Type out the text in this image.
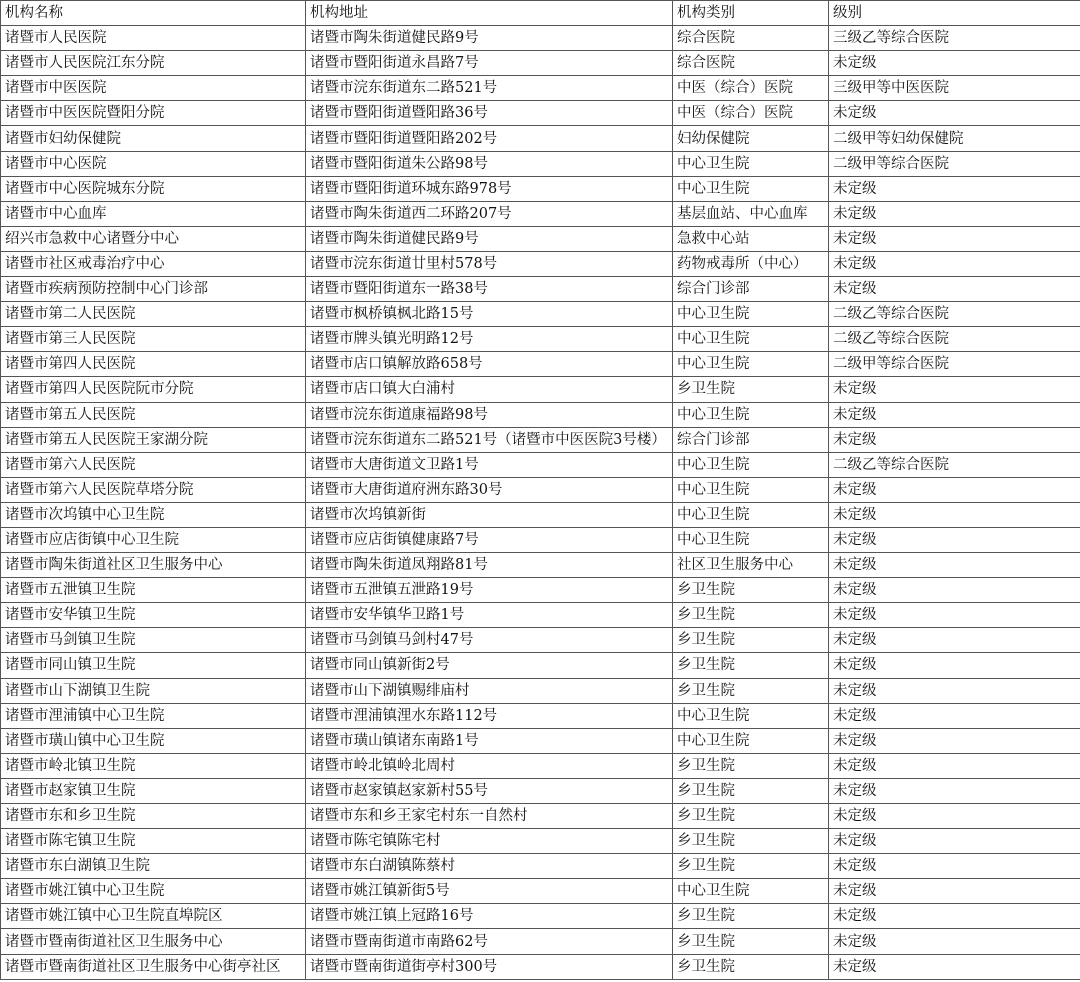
机构名称	机构地址	机构类别	级别
诸暨市人民医院	诸暨市陶朱街道健民路9号	综合医院	三级乙等综合医院
诸暨市人民医院江东分院	诸暨市暨阳街道永昌路7号	综合医院	未定级
诸暨市中医医院	诸暨市浣东街道东二路521号	中医（综合）医院	三级甲等中医医院
诸暨市中医医院暨阳分院	诸暨市暨阳街道暨阳路36号	中医（综合）医院	未定级
诸暨市妇幼保健院	诸暨市暨阳街道暨阳路202号	妇幼保健院	二级甲等妇幼保健院
诸暨市中心医院	诸暨市暨阳街道朱公路98号	中心卫生院	二级甲等综合医院
诸暨市中心医院城东分院	诸暨市暨阳街道环城东路978号	中心卫生院	未定级
诸暨市中心血库	诸暨市陶朱街道西二环路207号	基层血站、中心血库	未定级
绍兴市急救中心诸暨分中心	诸暨市陶朱街道健民路9号	急救中心站	未定级
诸暨市社区戒毒治疗中心	诸暨市浣东街道廿里村578号	药物戒毒所（中心）	未定级
诸暨市疾病预防控制中心门诊部	诸暨市暨阳街道东一路38号	综合门诊部	未定级
诸暨市第二人民医院	诸暨市枫桥镇枫北路15号	中心卫生院	二级乙等综合医院
诸暨市第三人民医院	诸暨市牌头镇光明路12号	中心卫生院	二级乙等综合医院
诸暨市第四人民医院	诸暨市店口镇解放路658号	中心卫生院	二级甲等综合医院
诸暨市第四人民医院阮市分院	诸暨市店口镇大白浦村	乡卫生院	未定级
诸暨市第五人民医院	诸暨市浣东街道康福路98号	中心卫生院	未定级
诸暨市第五人民医院王家湖分院	诸暨市浣东街道东二路521号（诸暨市中医医院3号楼）	综合门诊部	未定级
诸暨市第六人民医院	诸暨市大唐街道文卫路1号	中心卫生院	二级乙等综合医院
诸暨市第六人民医院草塔分院	诸暨市大唐街道府洲东路30号	中心卫生院	未定级
诸暨市次坞镇中心卫生院	诸暨市次坞镇新街	中心卫生院	未定级
诸暨市应店街镇中心卫生院	诸暨市应店街镇健康路7号	中心卫生院	未定级
诸暨市陶朱街道社区卫生服务中心	诸暨市陶朱街道凤翔路81号	社区卫生服务中心	未定级
诸暨市五泄镇卫生院	诸暨市五泄镇五泄路19号	乡卫生院	未定级
诸暨市安华镇卫生院	诸暨市安华镇华卫路1号	乡卫生院	未定级
诸暨市马剑镇卫生院	诸暨市马剑镇马剑村47号	乡卫生院	未定级
诸暨市同山镇卫生院	诸暨市同山镇新街2号	乡卫生院	未定级
诸暨市山下湖镇卫生院	诸暨市山下湖镇赐绯庙村	乡卫生院	未定级
诸暨市浬浦镇中心卫生院	诸暨市浬浦镇浬水东路112号	中心卫生院	未定级
诸暨市璜山镇中心卫生院	诸暨市璜山镇诸东南路1号	中心卫生院	未定级
诸暨市岭北镇卫生院	诸暨市岭北镇岭北周村	乡卫生院	未定级
诸暨市赵家镇卫生院	诸暨市赵家镇赵家新村55号	乡卫生院	未定级
诸暨市东和乡卫生院	诸暨市东和乡王家宅村东一自然村	乡卫生院	未定级
诸暨市陈宅镇卫生院	诸暨市陈宅镇陈宅村	乡卫生院	未定级
诸暨市东白湖镇卫生院	诸暨市东白湖镇陈蔡村	乡卫生院	未定级
诸暨市姚江镇中心卫生院	诸暨市姚江镇新街5号	中心卫生院	未定级
诸暨市姚江镇中心卫生院直埠院区	诸暨市姚江镇上冠路16号	乡卫生院	未定级
诸暨市暨南街道社区卫生服务中心	诸暨市暨南街道市南路62号	乡卫生院	未定级
诸暨市暨南街道社区卫生服务中心街亭社区	诸暨市暨南街道街亭村300号	乡卫生院	未定级
